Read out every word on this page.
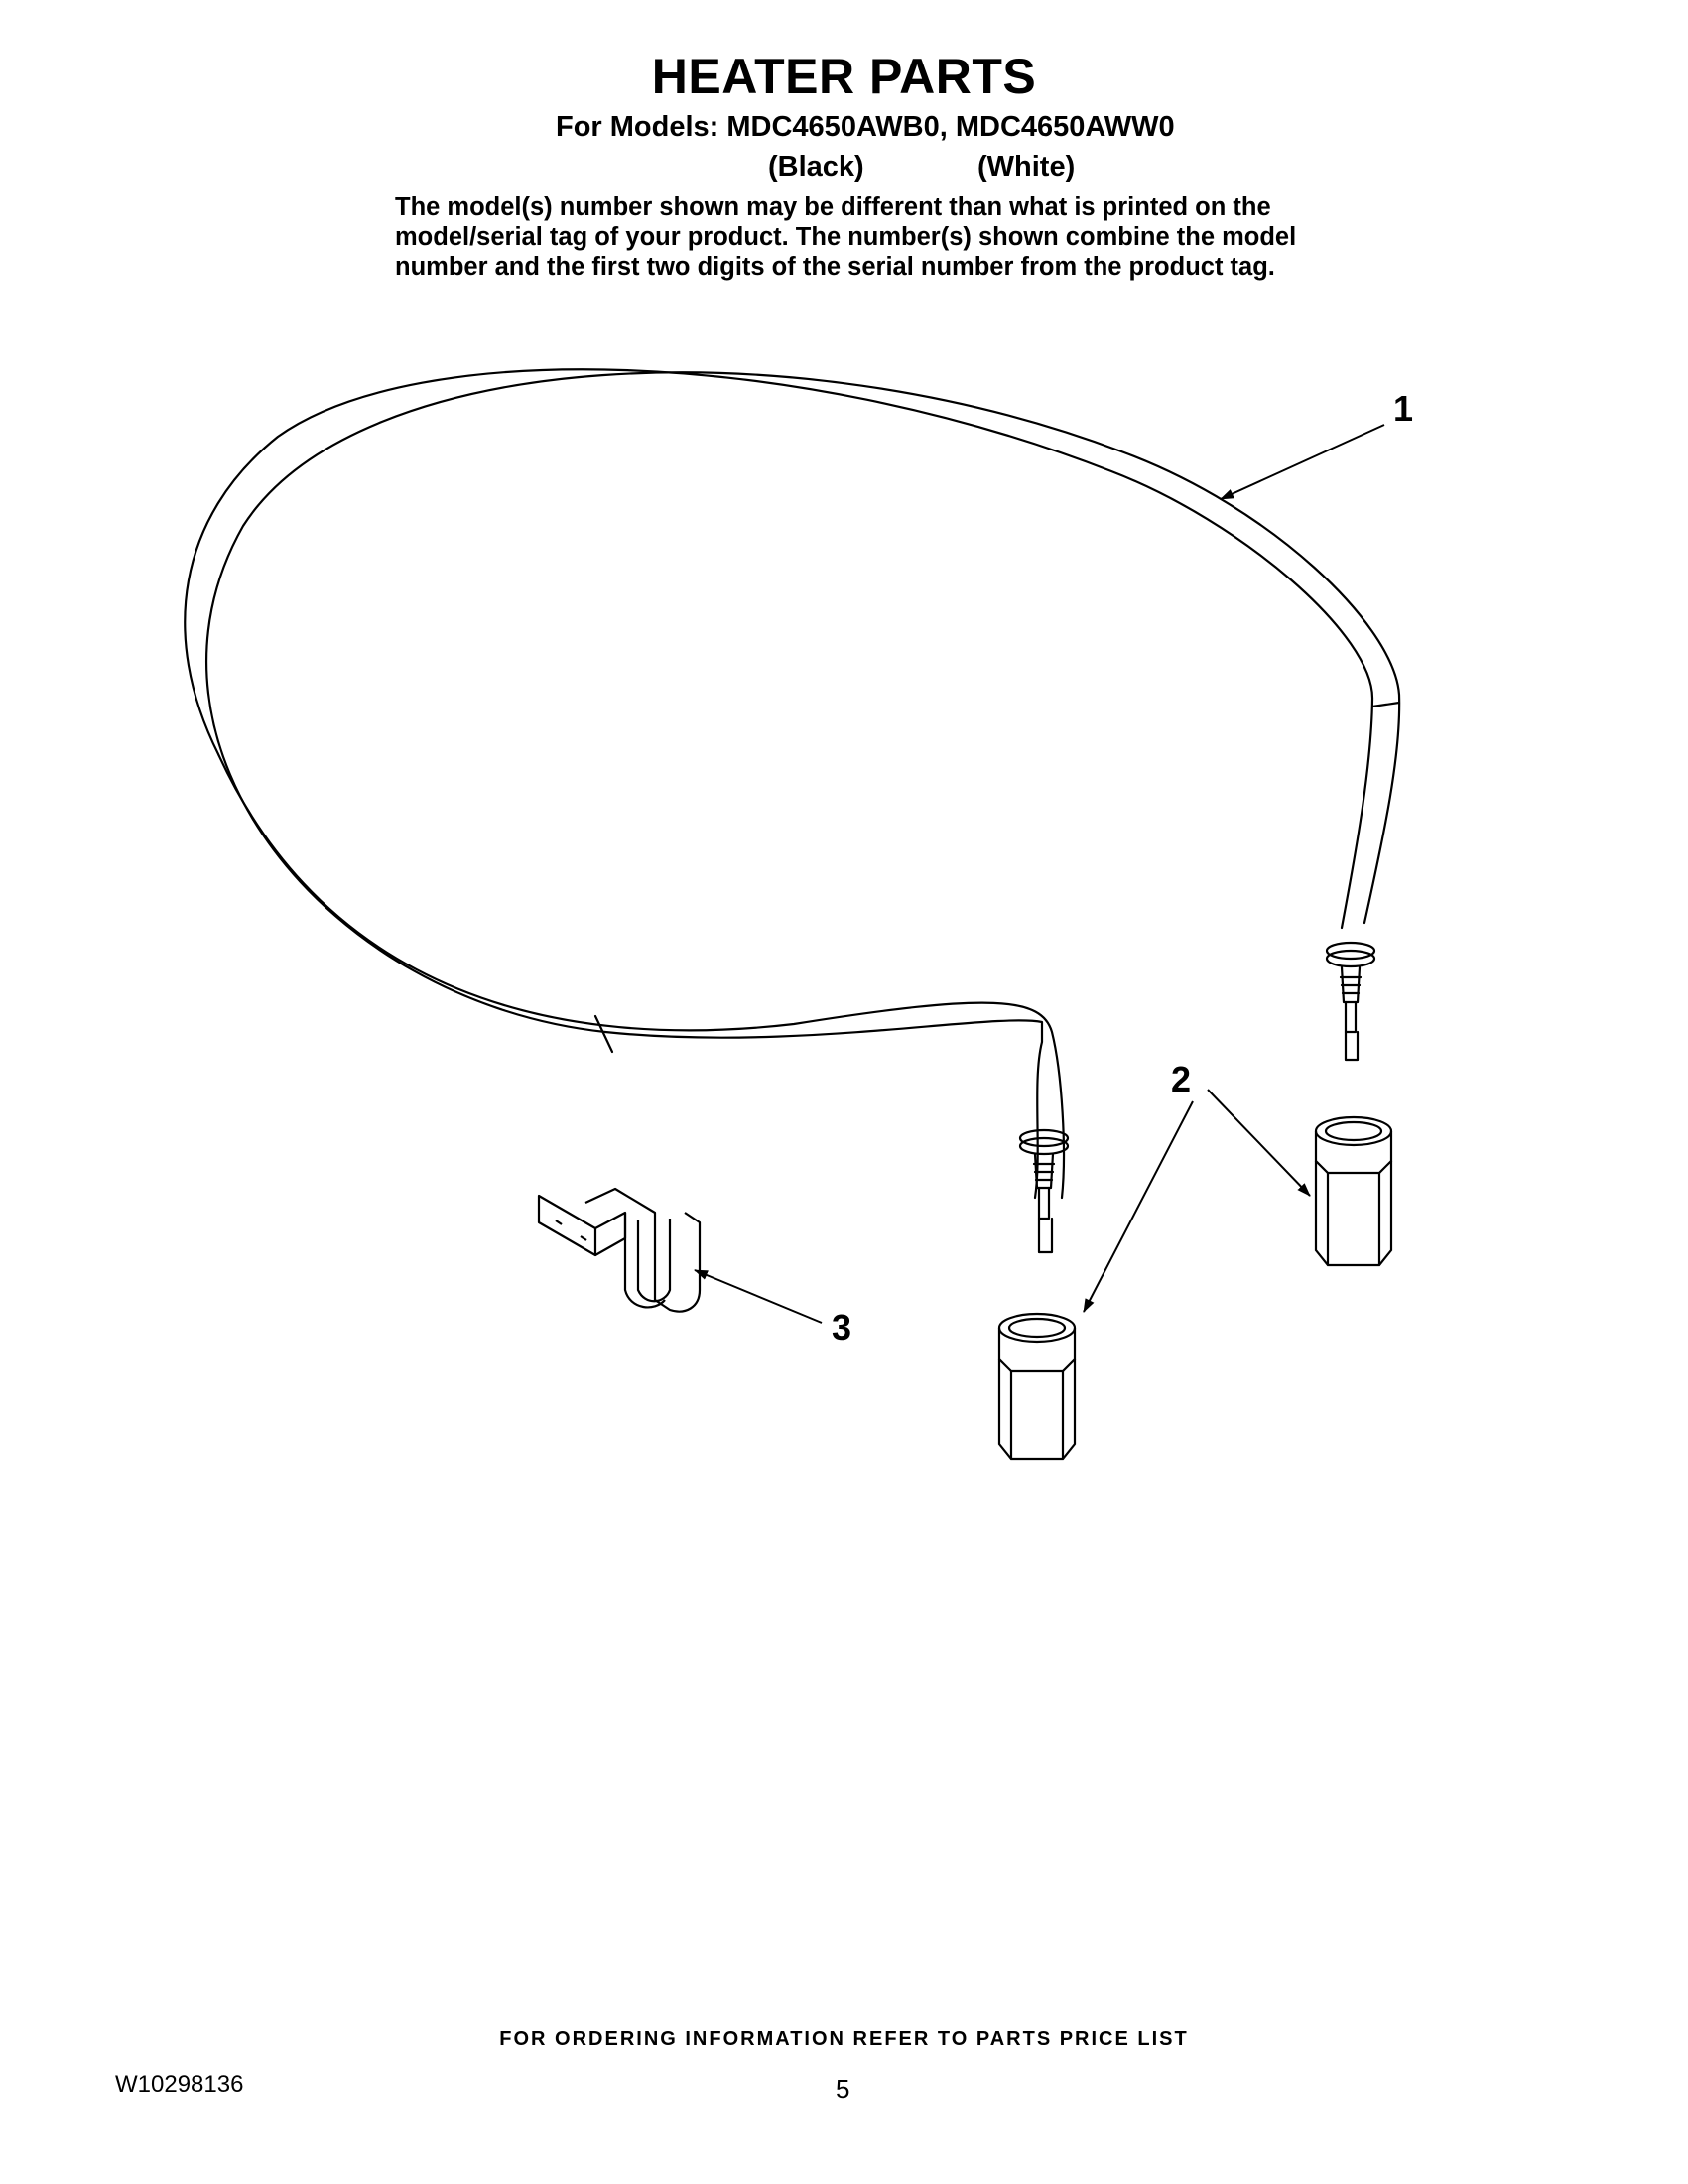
HEATER PARTS
For Models: MDC4650AWB0, MDC4650AWW0
(Black)	(White)
The model(s) number shown may be different than what is printed on the
model/serial tag of your product. The number(s) shown combine the model
number and the first two digits of the serial number from the product tag.
1
2
3
FOR ORDERING INFORMATION REFER TO PARTS PRICE LIST
W10298136	5
